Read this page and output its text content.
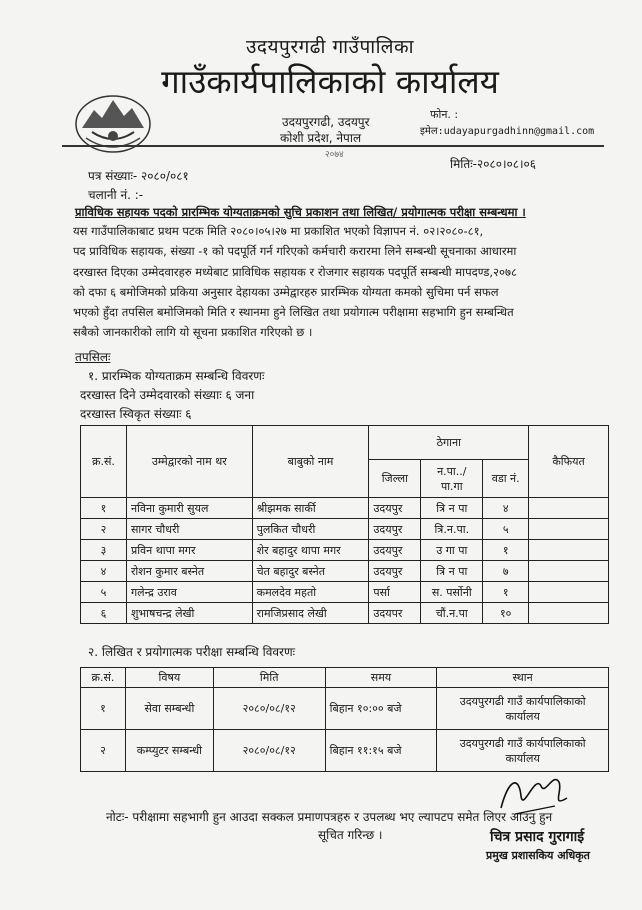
उदयपुरगढी गाउँपालिका
गाउँकार्यपालिकाको कार्यालय
उदयपुरगढी, उदयपुर
कोशी प्रदेश, नेपाल
फोन. :
इमेल:udayapurgadhinn@gmail.com
२०७४
पत्र संख्याः- २०८०/०८१
मितिः-२०८०।०८।०६
चलानी नं. :-
प्राविधिक सहायक पदको प्रारम्भिक योग्यताक्रमको सुचि प्रकाशन तथा लिखित/ प्रयोगात्मक परीक्षा सम्बन्धमा ।
यस गाउँपालिकाबाट प्रथम पटक मिति २०८०।०५।२७ मा प्रकाशित भएको विज्ञापन नं. ०२।२०८०-८१,
पद प्राविधिक सहायक, संख्या -१ को पदपूर्ति गर्न गरिएको कर्मचारी करारमा लिने सम्बन्धी सूचनाका आधारमा
दरखास्त दिएका उम्मेदवारहरु मध्येबाट प्राविधिक सहायक र रोजगार सहायक पदपूर्ति सम्बन्धी मापदण्ड,२०७८
को दफा ६ बमोजिमको प्रकिया अनुसार देहायका उम्मेद्वारहरु प्रारम्भिक योग्यता कमको सुचिमा पर्न सफल
भएको हुँदा तपसिल बमोजिमको मिति र स्थानमा हुने लिखित तथा प्रयोगात्म परीक्षामा सहभागि हुन सम्बन्धित
सबैको जानकारीको लागि यो सूचना प्रकाशित गरिएको छ ।
तपसिलः
१. प्रारम्भिक योग्यताक्रम सम्बन्धि विवरणः
दरखास्त दिने उम्मेदवारको संख्याः ६ जना
दरखास्त स्विकृत संख्याः ६
क्र.सं.	उम्मेद्वारको नाम थर	बाबुको नाम	ठेगाना			कैफियत
			जिल्ला	न.पा../ पा.गा	वडा नं.	
१	नविना कुमारी सुयल	श्रीझमक सार्की	उदयपुर	त्रि न पा	४	
२	सागर चौधरी	पुलकित चौधरी	उदयपुर	त्रि.न.पा.	५	
३	प्रविन थापा मगर	शेर बहादुर थापा मगर	उदयपुर	उ गा पा	१	
४	रोशन कुमार बस्नेत	चेत बहादुर बस्नेत	उदयपुर	त्रि न पा	७	
५	गलेन्द्र उराव	कमलदेव महतो	पर्सा	स. पर्सोनी	१	
६	शुभाषचन्द्र लेखी	रामजिप्रसाद लेखी	उदयपर	चौं.न.पा	१०	
२. लिखित र प्रयोगात्मक परीक्षा सम्बन्धि विवरणः
क्र.सं.	विषय	मिति	समय	स्थान
१	सेवा सम्बन्धी	२०८०/०८/१२	बिहान १०:०० बजे	उदयपुरगढी गाउँ कार्यपालिकाको कार्यालय
२	कम्प्युटर सम्बन्धी	२०८०/०८/१२	बिहान ११:१५ बजे	उदयपुरगढी गाउँ कार्यपालिकाको कार्यालय
नोटः- परीक्षामा सहभागी हुन आउदा सक्कल प्रमाणपत्रहरु र उपलब्ध भए ल्यापटप समेत लिएर आउनु हुन
सूचित गरिन्छ ।	चित्र प्रसाद गुरागाई
प्रमुख प्रशासकिय अधिकृत
